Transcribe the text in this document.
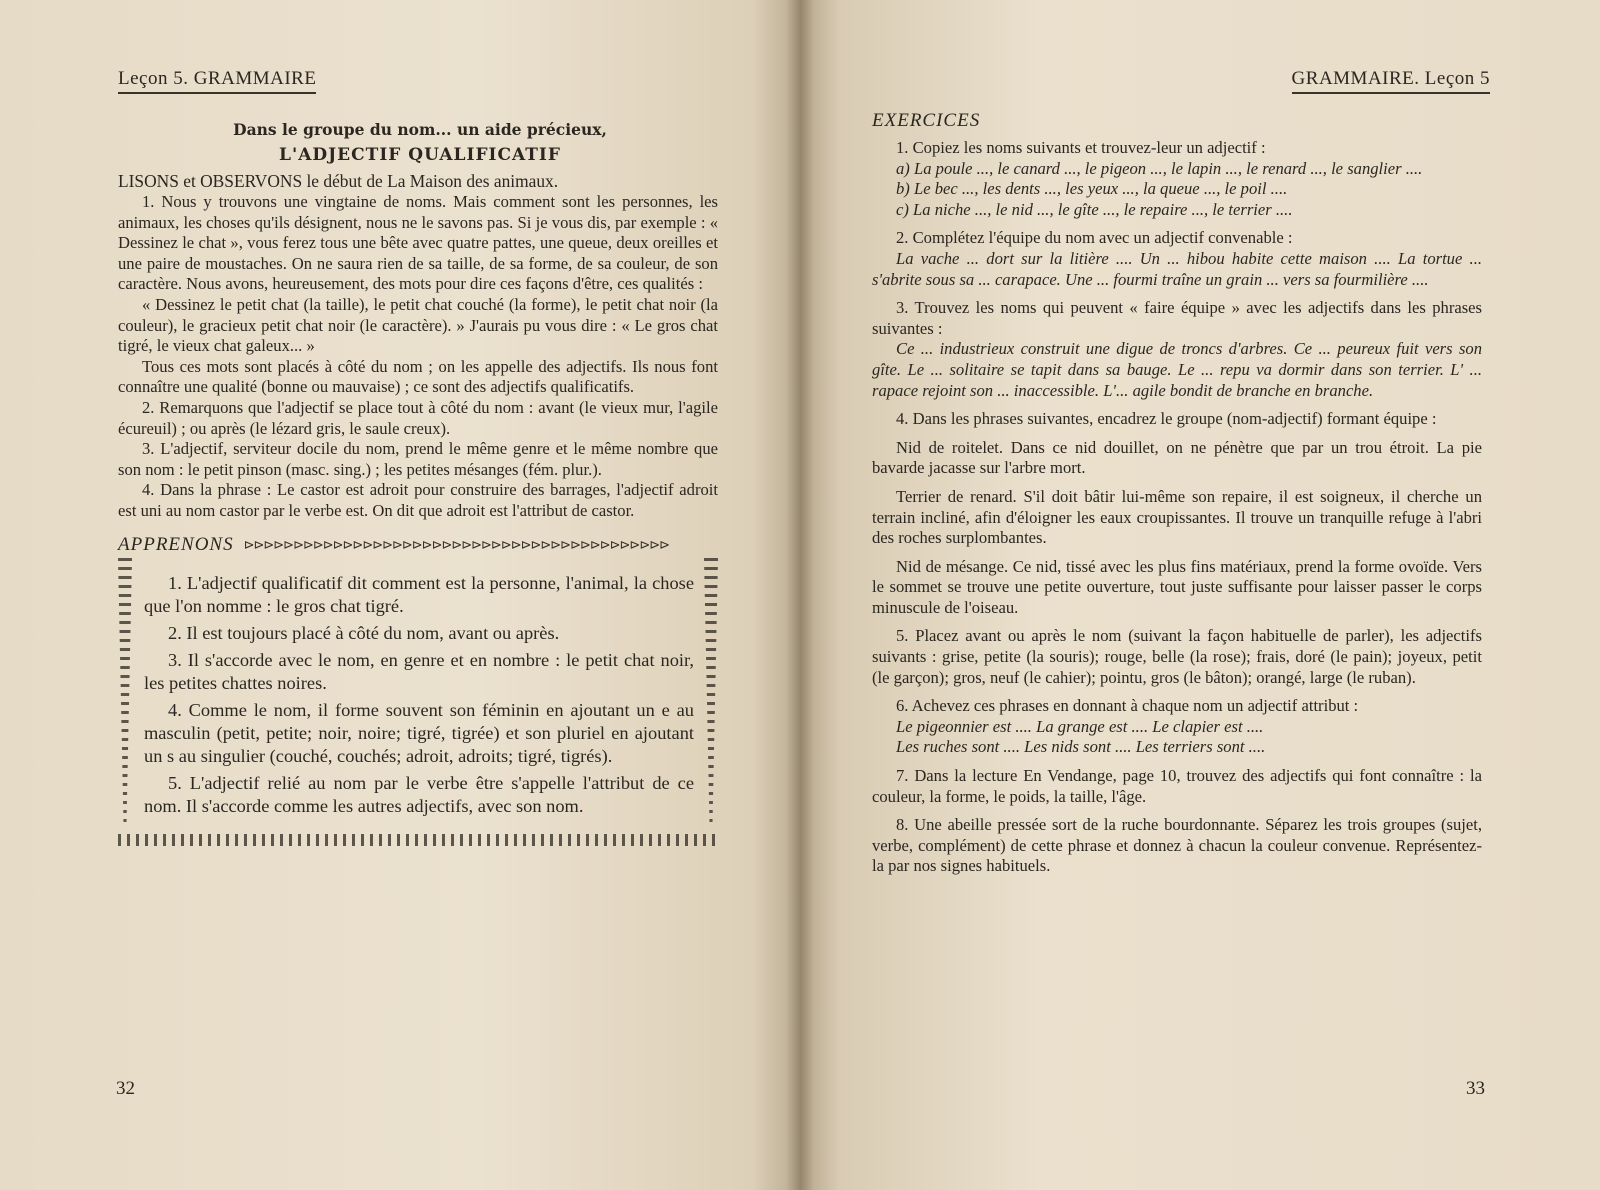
Leçon 5. GRAMMAIRE

Dans le groupe du nom... un aide précieux,

L'ADJECTIF QUALIFICATIF

LISONS et OBSERVONS le début de La Maison des animaux.

1. Nous y trouvons une vingtaine de noms. Mais comment sont les personnes, les animaux, les choses qu'ils désignent, nous ne le savons pas. Si je vous dis, par exemple : « Dessinez le chat », vous ferez tous une bête avec quatre pattes, une queue, deux oreilles et une paire de moustaches. On ne saura rien de sa taille, de sa forme, de sa couleur, de son caractère. Nous avons, heureusement, des mots pour dire ces façons d'être, ces qualités :

« Dessinez le petit chat (la taille), le petit chat couché (la forme), le petit chat noir (la couleur), le gracieux petit chat noir (le caractère). » J'aurais pu vous dire : « Le gros chat tigré, le vieux chat galeux... »

Tous ces mots sont placés à côté du nom ; on les appelle des adjectifs. Ils nous font connaître une qualité (bonne ou mauvaise) ; ce sont des adjectifs qualificatifs.

2. Remarquons que l'adjectif se place tout à côté du nom : avant (le vieux mur, l'agile écureuil) ; ou après (le lézard gris, le saule creux).

3. L'adjectif, serviteur docile du nom, prend le même genre et le même nombre que son nom : le petit pinson (masc. sing.) ; les petites mésanges (fém. plur.).

4. Dans la phrase : Le castor est adroit pour construire des barrages, l'adjectif adroit est uni au nom castor par le verbe est. On dit que adroit est l'attribut de castor.

APPRENONS ⊳⊳⊳⊳⊳⊳⊳⊳⊳⊳⊳⊳⊳⊳⊳⊳⊳⊳⊳⊳⊳⊳⊳⊳⊳⊳⊳⊳⊳⊳⊳⊳⊳⊳⊳⊳⊳⊳⊳⊳⊳⊳⊳

1. L'adjectif qualificatif dit comment est la personne, l'animal, la chose que l'on nomme : le gros chat tigré.

2. Il est toujours placé à côté du nom, avant ou après.

3. Il s'accorde avec le nom, en genre et en nombre : le petit chat noir, les petites chattes noires.

4. Comme le nom, il forme souvent son féminin en ajoutant un e au masculin (petit, petite; noir, noire; tigré, tigrée) et son pluriel en ajoutant un s au singulier (couché, couchés; adroit, adroits; tigré, tigrés).

5. L'adjectif relié au nom par le verbe être s'appelle l'attribut de ce nom. Il s'accorde comme les autres adjectifs, avec son nom.

32
GRAMMAIRE. Leçon 5

EXERCICES

1. Copiez les noms suivants et trouvez-leur un adjectif :

a) La poule ..., le canard ..., le pigeon ..., le lapin ..., le renard ..., le sanglier ....

b) Le bec ..., les dents ..., les yeux ..., la queue ..., le poil ....

c) La niche ..., le nid ..., le gîte ..., le repaire ..., le terrier ....

2. Complétez l'équipe du nom avec un adjectif convenable :

La vache ... dort sur la litière .... Un ... hibou habite cette maison .... La tortue ... s'abrite sous sa ... carapace. Une ... fourmi traîne un grain ... vers sa fourmilière ....

3. Trouvez les noms qui peuvent « faire équipe » avec les adjectifs dans les phrases suivantes :

Ce ... industrieux construit une digue de troncs d'arbres. Ce ... peureux fuit vers son gîte. Le ... solitaire se tapit dans sa bauge. Le ... repu va dormir dans son terrier. L' ... rapace rejoint son ... inaccessible. L'... agile bondit de branche en branche.

4. Dans les phrases suivantes, encadrez le groupe (nom-adjectif) formant équipe :

Nid de roitelet. Dans ce nid douillet, on ne pénètre que par un trou étroit. La pie bavarde jacasse sur l'arbre mort.

Terrier de renard. S'il doit bâtir lui-même son repaire, il est soigneux, il cherche un terrain incliné, afin d'éloigner les eaux croupissantes. Il trouve un tranquille refuge à l'abri des roches surplombantes.

Nid de mésange. Ce nid, tissé avec les plus fins matériaux, prend la forme ovoïde. Vers le sommet se trouve une petite ouverture, tout juste suffisante pour laisser passer le corps minuscule de l'oiseau.

5. Placez avant ou après le nom (suivant la façon habituelle de parler), les adjectifs suivants : grise, petite (la souris); rouge, belle (la rose); frais, doré (le pain); joyeux, petit (le garçon); gros, neuf (le cahier); pointu, gros (le bâton); orangé, large (le ruban).

6. Achevez ces phrases en donnant à chaque nom un adjectif attribut :

Le pigeonnier est .... La grange est .... Le clapier est ....

Les ruches sont .... Les nids sont .... Les terriers sont ....

7. Dans la lecture En Vendange, page 10, trouvez des adjectifs qui font connaître : la couleur, la forme, le poids, la taille, l'âge.

8. Une abeille pressée sort de la ruche bourdonnante. Séparez les trois groupes (sujet, verbe, complément) de cette phrase et donnez à chacun la couleur convenue. Représentez-la par nos signes habituels.

33
